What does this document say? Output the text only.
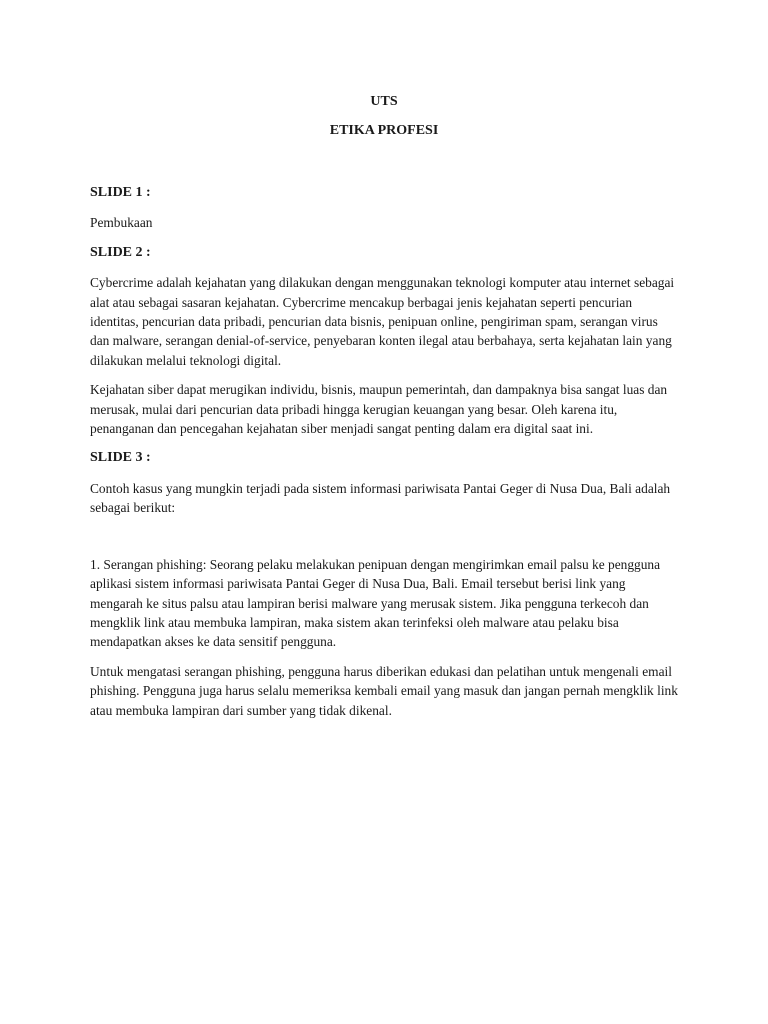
UTS

ETIKA PROFESI

SLIDE 1 :

Pembukaan

SLIDE 2 :

Cybercrime adalah kejahatan yang dilakukan dengan menggunakan teknologi komputer atau internet sebagai alat atau sebagai sasaran kejahatan. Cybercrime mencakup berbagai jenis kejahatan seperti pencurian identitas, pencurian data pribadi, pencurian data bisnis, penipuan online, pengiriman spam, serangan virus dan malware, serangan denial-of-service, penyebaran konten ilegal atau berbahaya, serta kejahatan lain yang dilakukan melalui teknologi digital.

Kejahatan siber dapat merugikan individu, bisnis, maupun pemerintah, dan dampaknya bisa sangat luas dan merusak, mulai dari pencurian data pribadi hingga kerugian keuangan yang besar. Oleh karena itu, penanganan dan pencegahan kejahatan siber menjadi sangat penting dalam era digital saat ini.

SLIDE 3 :

Contoh kasus yang mungkin terjadi pada sistem informasi pariwisata Pantai Geger di Nusa Dua, Bali adalah sebagai berikut:

1. Serangan phishing: Seorang pelaku melakukan penipuan dengan mengirimkan email palsu ke pengguna aplikasi sistem informasi pariwisata Pantai Geger di Nusa Dua, Bali. Email tersebut berisi link yang mengarah ke situs palsu atau lampiran berisi malware yang merusak sistem. Jika pengguna terkecoh dan mengklik link atau membuka lampiran, maka sistem akan terinfeksi oleh malware atau pelaku bisa mendapatkan akses ke data sensitif pengguna.

Untuk mengatasi serangan phishing, pengguna harus diberikan edukasi dan pelatihan untuk mengenali email phishing. Pengguna juga harus selalu memeriksa kembali email yang masuk dan jangan pernah mengklik link atau membuka lampiran dari sumber yang tidak dikenal.
